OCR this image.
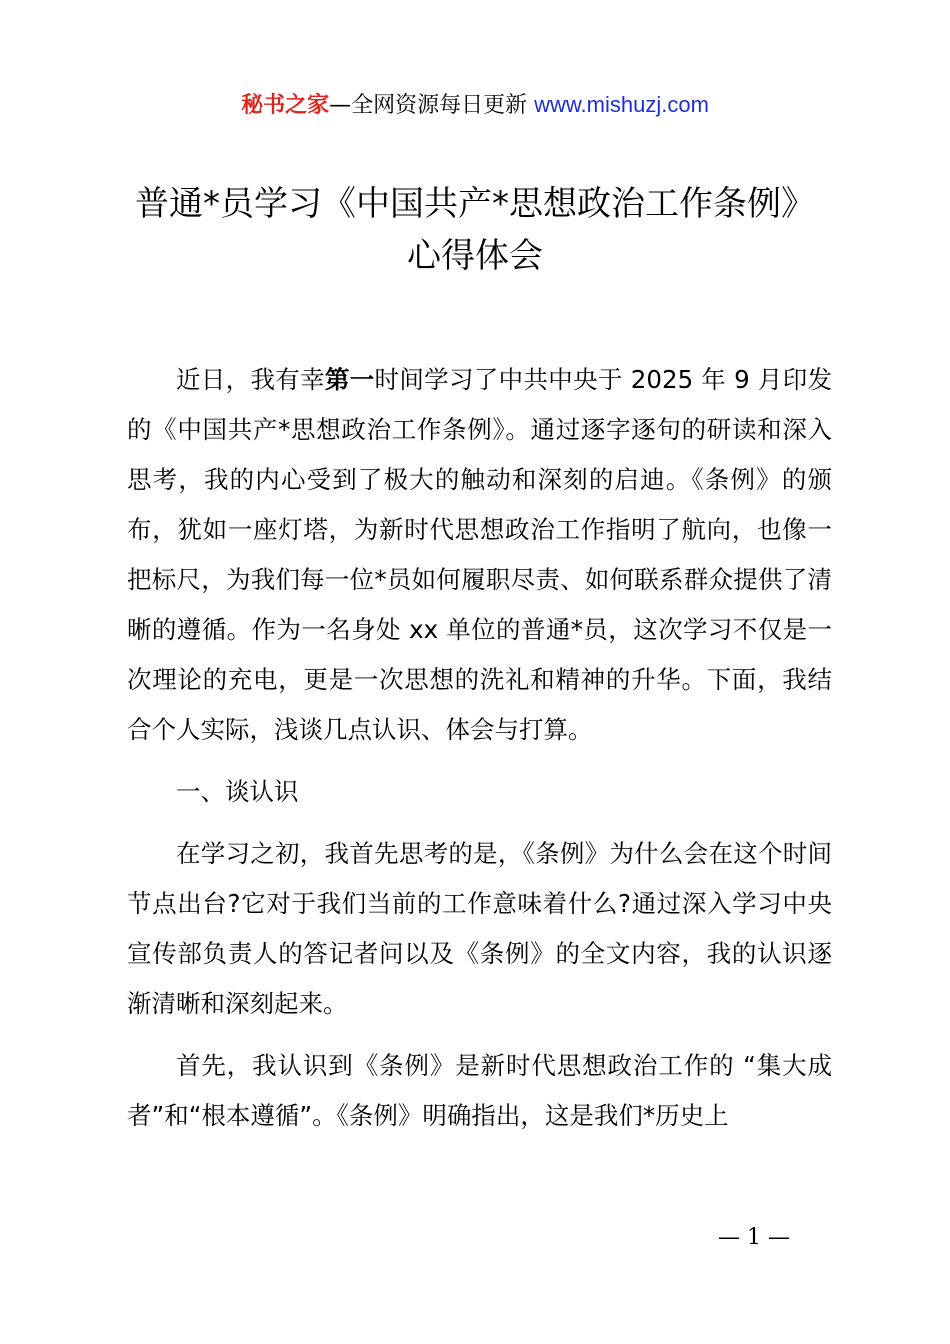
秘书之家—全网资源每日更新 www.mishuzj.com
普通*员学习《中国共产*思想政治工作条例》
心得体会

近日，我有幸第一时间学习了中共中央于 2025 年 9 月印发的《中国共产*思想政治工作条例》。通过逐字逐句的研读和深入思考，我的内心受到了极大的触动和深刻的启迪。《条例》的颁布，犹如一座灯塔，为新时代思想政治工作指明了航向，也像一把标尺，为我们每一位*员如何履职尽责、如何联系群众提供了清晰的遵循。作为一名身处 xx 单位的普通*员，这次学习不仅是一次理论的充电，更是一次思想的洗礼和精神的升华。下面，我结合个人实际，浅谈几点认识、体会与打算。

一、谈认识

在学习之初，我首先思考的是，《条例》为什么会在这个时间节点出台?它对于我们当前的工作意味着什么?通过深入学习中央宣传部负责人的答记者问以及《条例》的全文内容，我的认识逐渐清晰和深刻起来。

首先，我认识到《条例》是新时代思想政治工作的 “集大成者”和“根本遵循”。《条例》明确指出，这是我们*历史上

— 1 —
